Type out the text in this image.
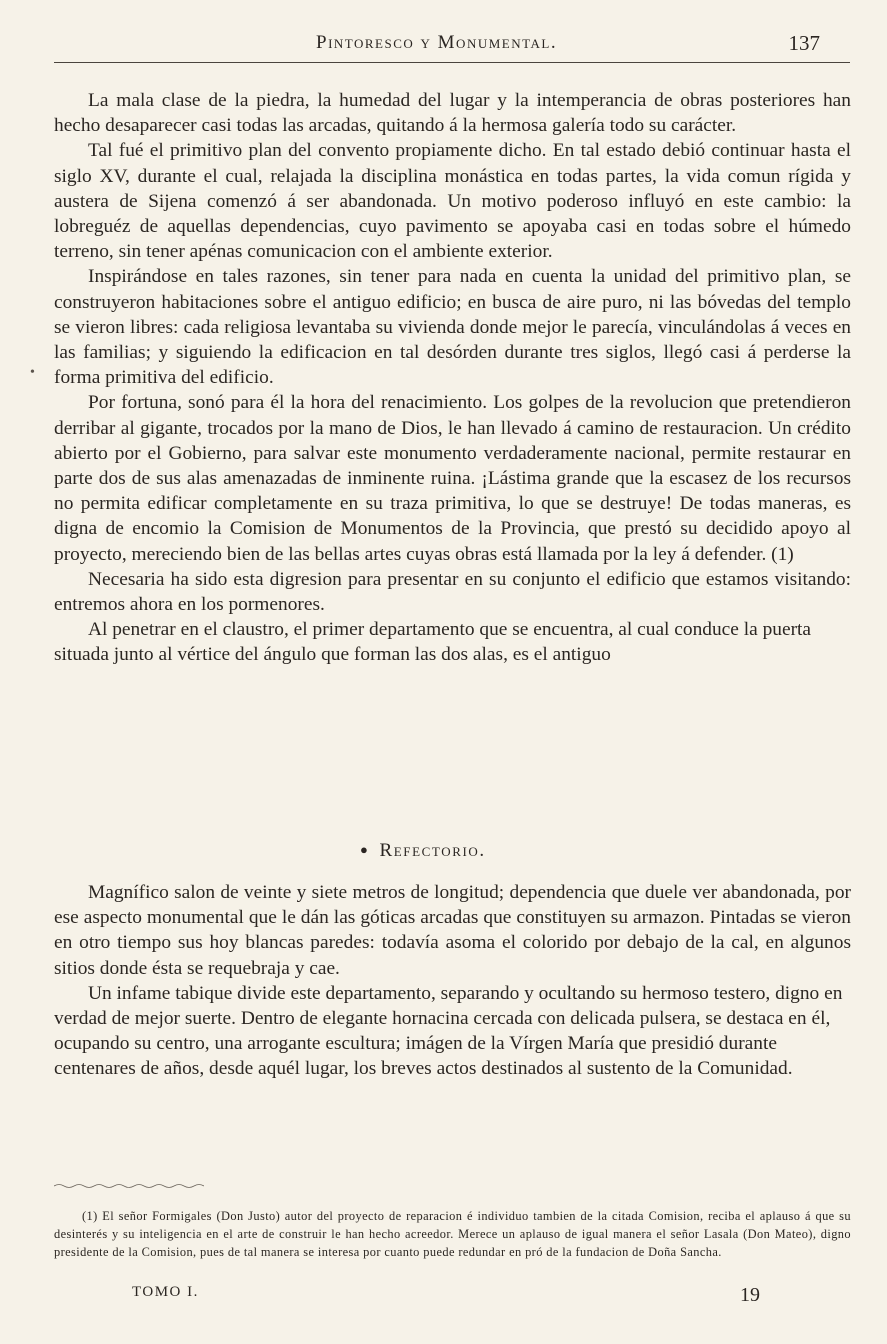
Pintoresco y Monumental.	137
•

La mala clase de la piedra, la humedad del lugar y la intemperancia de obras posteriores han hecho desaparecer casi todas las arcadas, quitando á la hermosa galería todo su carácter.

Tal fué el primitivo plan del convento propiamente dicho. En tal estado debió continuar hasta el siglo XV, durante el cual, relajada la disciplina monástica en todas partes, la vida comun rígida y austera de Sijena comenzó á ser abandonada. Un motivo poderoso influyó en este cambio: la lobreguéz de aquellas dependencias, cuyo pavimento se apoyaba casi en todas sobre el húmedo terreno, sin tener apénas comunicacion con el ambiente exterior.

Inspirándose en tales razones, sin tener para nada en cuenta la unidad del primitivo plan, se construyeron habitaciones sobre el antiguo edificio; en busca de aire puro, ni las bóvedas del templo se vieron libres: cada religiosa levantaba su vivienda donde mejor le parecía, vinculándolas á veces en las familias; y siguiendo la edificacion en tal desórden durante tres siglos, llegó casi á perderse la forma primitiva del edificio.

Por fortuna, sonó para él la hora del renacimiento. Los golpes de la revolucion que pretendieron derribar al gigante, trocados por la mano de Dios, le han llevado á camino de restauracion. Un crédito abierto por el Gobierno, para salvar este monumento verdaderamente nacional, permite restaurar en parte dos de sus alas amenazadas de inminente ruina. ¡Lástima grande que la escasez de los recursos no permita edificar completamente en su traza primitiva, lo que se destruye! De todas maneras, es digna de encomio la Comision de Monumentos de la Provincia, que prestó su decidido apoyo al proyecto, mereciendo bien de las bellas artes cuyas obras está llamada por la ley á defender. (1)

Necesaria ha sido esta digresion para presentar en su conjunto el edificio que estamos visitando: entremos ahora en los pormenores.

Al penetrar en el claustro, el primer departamento que se encuentra, al cual conduce la puerta situada junto al vértice del ángulo que forman las dos alas, es el antiguo

● Refectorio.

Magnífico salon de veinte y siete metros de longitud; dependencia que duele ver abandonada, por ese aspecto monumental que le dán las góticas arcadas que constituyen su armazon. Pintadas se vieron en otro tiempo sus hoy blancas paredes: todavía asoma el colorido por debajo de la cal, en algunos sitios donde ésta se requebraja y cae.

Un infame tabique divide este departamento, separando y ocultando su hermoso testero, digno en verdad de mejor suerte. Dentro de elegante hornacina cercada con delicada pulsera, se destaca en él, ocupando su centro, una arrogante escultura; imágen de la Vírgen María que presidió durante centenares de años, desde aquél lugar, los breves actos destinados al sustento de la Comunidad.

(1) El señor Formigales (Don Justo) autor del proyecto de reparacion é individuo tambien de la citada Comision, reciba el aplauso á que su desinterés y su inteligencia en el arte de construir le han hecho acreedor. Merece un aplauso de igual manera el señor Lasala (Don Mateo), digno presidente de la Comision, pues de tal manera se interesa por cuanto puede redundar en pró de la fundacion de Doña Sancha.

TOMO I.	19
